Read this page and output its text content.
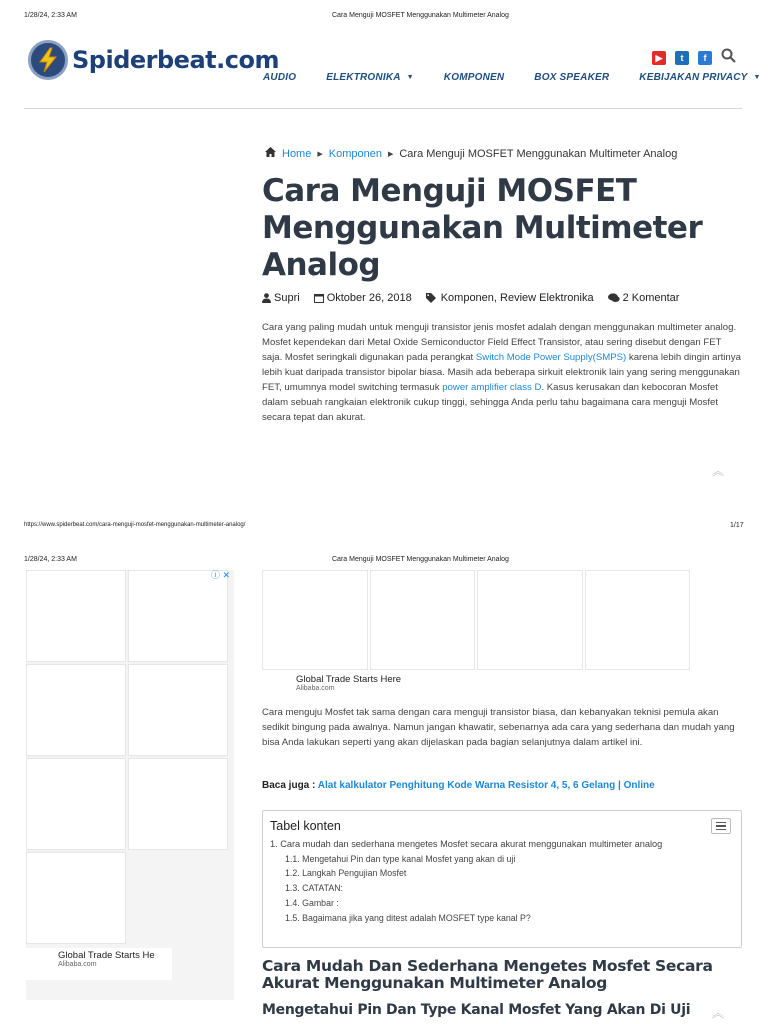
1/28/24, 2:33 AM	Cara Menguji MOSFET Menggunakan Multimeter Analog
Spiderbeat.com	▶	t	f
AUDIO	ELEKTRONIKA ▼	KOMPONEN	BOX SPEAKER	KEBIJAKAN PRIVACY ▼
Home ▶ Komponen ▶ Cara Menguji MOSFET Menggunakan Multimeter Analog
Cara Menguji MOSFET Menggunakan Multimeter Analog
Supri Oktober 26, 2018	Komponen, Review Elektronika	2 Komentar

Cara yang paling mudah untuk menguji transistor jenis mosfet adalah dengan menggunakan multimeter analog. Mosfet kependekan dari Metal Oxide Semiconductor Field Effect Transistor, atau sering disebut dengan FET saja. Mosfet seringkali digunakan pada perangkat Switch Mode Power Supply(SMPS) karena lebih dingin artinya lebih kuat daripada transistor bipolar biasa. Masih ada beberapa sirkuit elektronik lain yang sering menggunakan FET, umumnya model switching termasuk power amplifier class D. Kasus kerusakan dan kebocoran Mosfet dalam sebuah rangkaian elektronik cukup tinggi, sehingga Anda perlu tahu bagaimana cara menguji Mosfet secara tepat dan akurat.

︽
https://www.spiderbeat.com/cara-menguji-mosfet-menggunakan-multimeter-analog/	1/17
1/28/24, 2:33 AM	Cara Menguji MOSFET Menggunakan Multimeter Analog
ⓘ ✕
Global Trade Starts He
Alibaba.com
Global Trade Starts Here
Alibaba.com

Cara menguju Mosfet tak sama dengan cara menguji transistor biasa, dan kebanyakan teknisi pemula akan sedikit bingung pada awalnya. Namun jangan khawatir, sebenarnya ada cara yang sederhana dan mudah yang bisa Anda lakukan seperti yang akan dijelaskan pada bagian selanjutnya dalam artikel ini.

Baca juga : Alat kalkulator Penghitung Kode Warna Resistor 4, 5, 6 Gelang | Online
Tabel konten
1. Cara mudah dan sederhana mengetes Mosfet secara akurat menggunakan multimeter analog
1.1. Mengetahui Pin dan type kanal Mosfet yang akan di uji
1.2. Langkah Pengujian Mosfet
1.3. CATATAN:
1.4. Gambar :
1.5. Bagaimana jika yang ditest adalah MOSFET type kanal P?
Cara Mudah Dan Sederhana Mengetes Mosfet Secara Akurat Menggunakan Multimeter Analog
Mengetahui Pin Dan Type Kanal Mosfet Yang Akan Di Uji ︽
